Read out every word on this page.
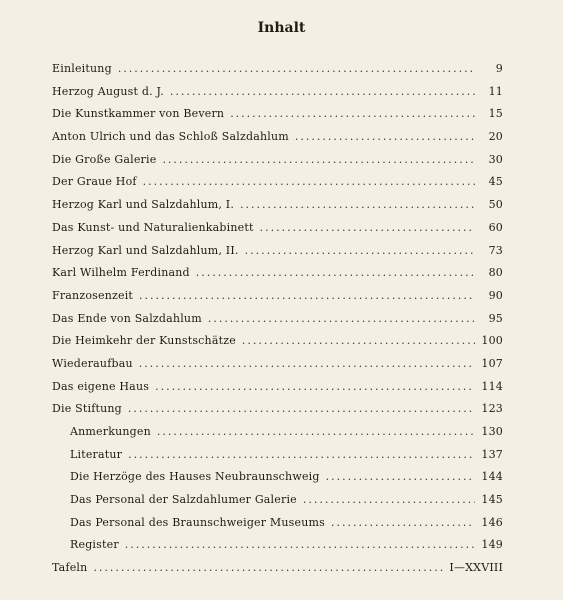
Inhalt
Einleitung .....	9
Herzog August d. J. .....	11
Die Kunstkammer von Bevern .....	15
Anton Ulrich und das Schloß Salzdahlum .....	20
Die Große Galerie .....	30
Der Graue Hof .....	45
Herzog Karl und Salzdahlum, I. .....	50
Das Kunst- und Naturalienkabinett .....	60
Herzog Karl und Salzdahlum, II. .....	73
Karl Wilhelm Ferdinand .....	80
Franzosenzeit .....	90
Das Ende von Salzdahlum .....	95
Die Heimkehr der Kunstschätze .....	100
Wiederaufbau .....	107
Das eigene Haus .....	114
Die Stiftung .....	123
Anmerkungen .....	130
Literatur .....	137
Die Herzöge des Hauses Neubraunschweig .....	144
Das Personal der Salzdahlumer Galerie .....	145
Das Personal des Braunschweiger Museums .....	146
Register .....	149
Tafeln .....	I—XXVIII
